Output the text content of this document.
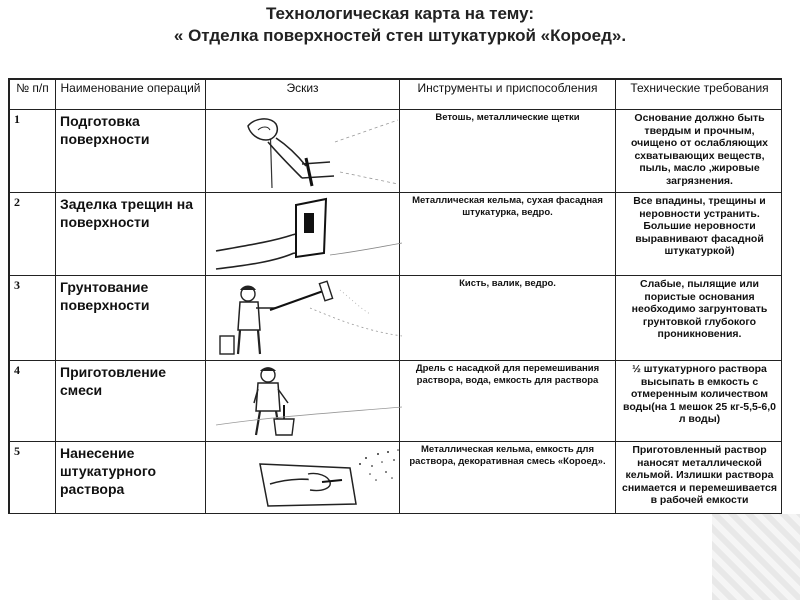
Технологическая карта на тему:
« Отделка поверхностей стен штукатуркой «Короед».
№ п/п	Наименование операций	Эскиз	Инструменты и приспособления	Технические требования
1	Подготовка поверхности		Ветошь, металлические щетки	Основание должно быть твердым и прочным, очищено от ослабляющих схватывающих веществ, пыль, масло ,жировые загрязнения.
2	Заделка трещин на поверхности		Металлическая кельма, сухая фасадная штукатурка, ведро.	Все впадины, трещины и неровности устранить. Большие неровности выравнивают фасадной штукатуркой)
3	Грунтование поверхности		Кисть, валик, ведро.	Слабые, пылящие или пористые основания необходимо загрунтовать грунтовкой глубокого проникновения.
4	Приготовление смеси		Дрель с насадкой для перемешивания раствора, вода, емкость для раствора	½ штукатурного раствора высыпать в емкость с отмеренным количеством воды(на 1 мешок 25 кг-5,5-6,0 л воды)
5	Нанесение штукатурного раствора		Металлическая кельма, емкость для раствора, декоративная смесь «Короед».	Приготовленный раствор наносят металлической кельмой. Излишки раствора снимается и перемешивается в рабочей емкости
